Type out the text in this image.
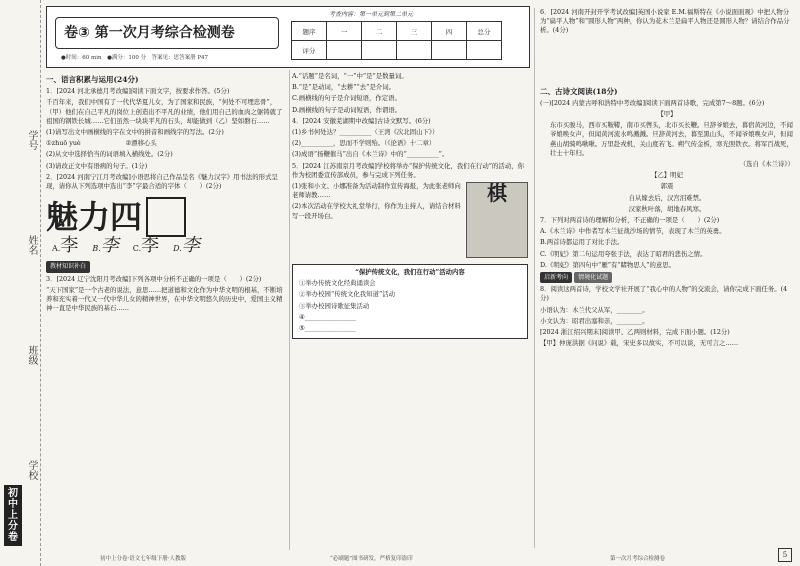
学号
姓名
班级
学校
初中上分卷
卷③ 第一次月考综合检测卷
考查内容：第一单元到第二单元
题序	一	二	三	四	总分
评分					
●时间：60 min　●满分：100 分　答案见：思答案册 P47
一、语言积累与运用(24分)

1．[2024 河北承德月考改编]阅读下面文字，按要求作答。(5分)

千百年来，我们中国有了一代代华夏儿女，为了国家和民族，“何处不可埋忠骨”，（甲）他们在自己平凡的岗位上创造出不平凡的业绩，他们用自己的血肉之躯铸就了祖国的钢铁长城……它们虽然一块块平凡的石头，却能做到（乙）坚如磐石……

(1)请写出文中画横线的字在文中的拼音和画线字的写法。(2分)

①zhuō yuè　　　　　　　②漂移心头

(2)从文中选择恰当的词语填入横线处。(2分)

(3)请改正文中有语病的句子。(1分)

2．[2024 河南宁江月考改编]小语思将自己作品呈名《魅力汉字》用书法的形式呈现，请你从下列选项中选出“李”字最合适的字体（　　）(2分)

魅力四
A.李 B.李 C.李 D.李

教材知识补白

3．[2024 辽宁沈阳月考改编]下列各项中分析不正确的一项是（　　）(2分)

“天下国家”是一个古老的说法，意思……把道德和文化作为中华文明的根基，不断培养和充实着一代又一代中华儿女的精神世界，在中华文明悠久的历史中，爱国主义精神一直是中华民族的基石……

A.“话题”是名词，“一”中“是”是数量词。

B.“是”是动词，“去耕”“去”是介词。

C.画横线的句子是介词短语，作定语。

D.画横线的句子是动词短语，作谓语。

4．[2024 安徽芜湖期中改编]古诗文默写。(6分)

(1)乡书何处达？__________（王湾《次北固山下》）

(2)__________，思而不学则殆。（《论语》十二章）

(3)成语“扬鞭催马”出自《木兰诗》中的“__________”。

5．[2024 江苏南京月考改编]学校将举办“保护传统文化，我们在行动”的活动，你作为校团委宣传部成员，参与完成下列任务。

棋

(1)张和小文、小娜准备为活动制作宣传海报，为此张老师向老师请教……

(2)本次活动在学校大礼堂举行，你作为主持人，请结合材料写一段开场白。

“保护传统文化，我们在行动”活动内容

①举办传统文化经典诵读会

②举办校园“传统文化我知道”活动

③举办校园诗歌征集活动

④________________

⑤________________

6．[2024 河南开封开学考试改编]英国小说家 E.M.福斯特在《小说面面观》中把人物分为“扁平人物”和“圆形人物”两种，你认为花木兰是扁平人物还是圆形人物？请结合作品分析。(4分)

二、古诗文阅读(18分)

(一)[2024 内蒙古呼和浩特中考改编]阅读下面两首诗歌，完成第7～8题。(6分)

【甲】

东市买骏马，西市买鞍鞯，南市买辔头，北市买长鞭。旦辞爷娘去，暮宿黄河边，不闻爷娘唤女声，但闻黄河流水鸣溅溅。旦辞黄河去，暮至黑山头，不闻爷娘唤女声，但闻燕山胡骑鸣啾啾。万里赴戎机，关山度若飞。朔气传金柝，寒光照铁衣。将军百战死，壮士十年归。

（选自《木兰诗》）

【乙】明妃

郭震

自从嫁去后，汉宫泪难禁。

汉家秋叶落，胡地春风寒。

7．下列对两首诗的理解和分析，不正确的一项是（　　）(2分)

A.《木兰诗》中作者写木兰征战沙场的情节，表现了木兰的英勇。

B.两首诗都运用了对比手法。

C.《明妃》第二句运用夸张手法，表达了昭君的悲伤之情。

D.《明妃》第四句中“雁”有“睹物思人”的意思。

启新考向 情境化试题

8．阅读这两首诗，学校文学社开展了“我心中的人物”的交流会，请你完成下面任务。(4分)

小语认为：木兰代父从军，________。

小文认为：昭君出塞和亲，________。

[2024 浙江绍兴期末]阅读甲、乙两则材料，完成下面小题。(12分)

【甲】仲庞洪据《问说》载，宋史多以故实，不可以谈，无可言之……

初中上分卷·语文七年级下册·人教版	“必刷题”图书研发，严格复印盗印	第一次月考综合检测卷	5
